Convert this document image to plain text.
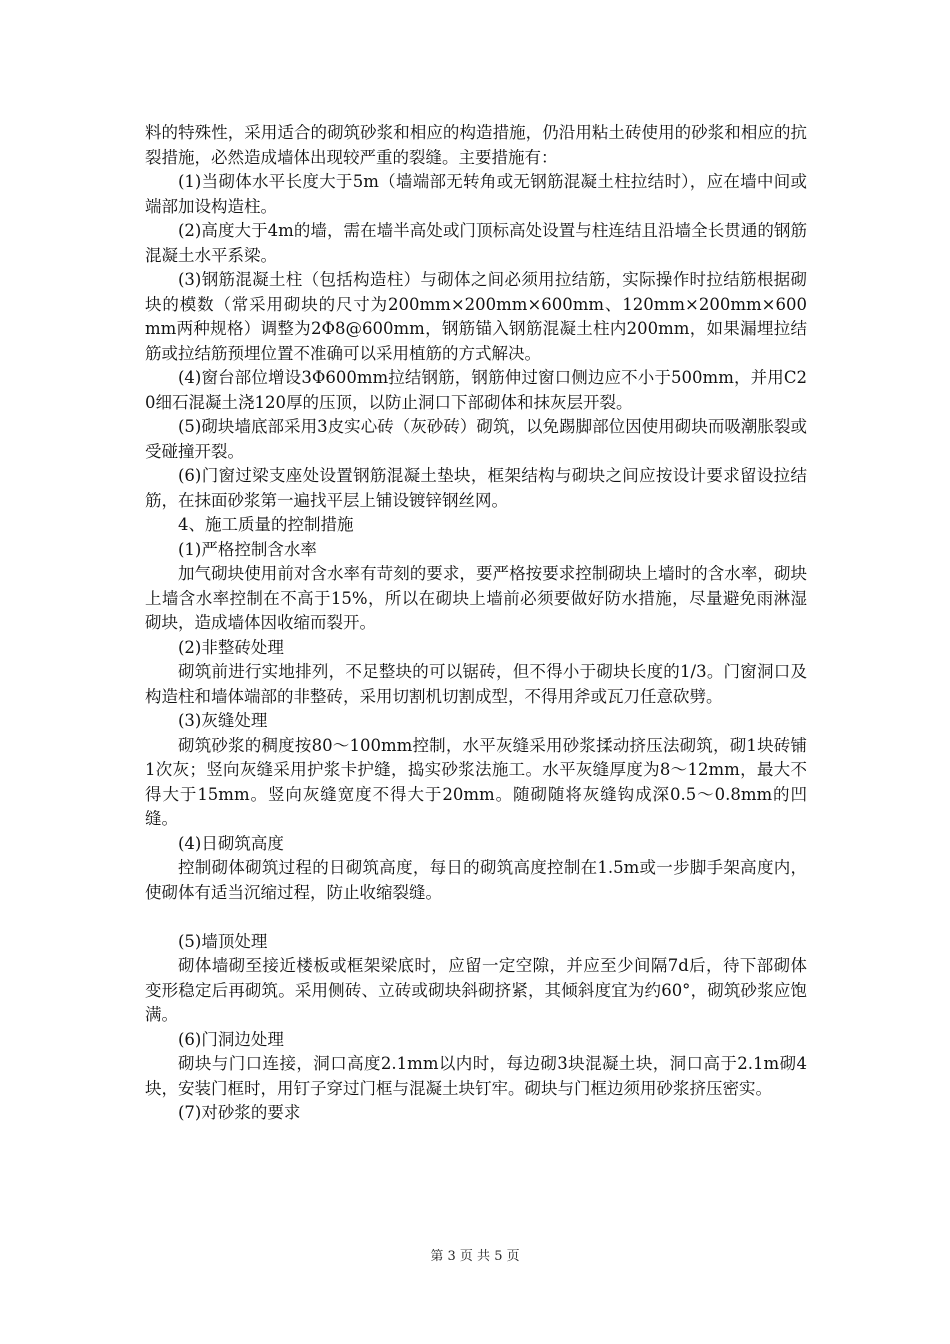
料的特殊性，采用适合的砌筑砂浆和相应的构造措施，仍沿用粘土砖使用的砂浆和相应的抗裂措施，必然造成墙体出现较严重的裂缝。主要措施有：

(1)当砌体水平长度大于5m（墙端部无转角或无钢筋混凝土柱拉结时），应在墙中间或端部加设构造柱。

(2)高度大于4m的墙，需在墙半高处或门顶标高处设置与柱连结且沿墙全长贯通的钢筋混凝土水平系梁。

(3)钢筋混凝土柱（包括构造柱）与砌体之间必须用拉结筋，实际操作时拉结筋根据砌块的模数（常采用砌块的尺寸为200mm×200mm×600mm、120mm×200mm×600mm两种规格）调整为2Φ8@600mm，钢筋锚入钢筋混凝土柱内200mm，如果漏埋拉结筋或拉结筋预埋位置不准确可以采用植筋的方式解决。

(4)窗台部位增设3Φ600mm拉结钢筋，钢筋伸过窗口侧边应不小于500mm，并用C20细石混凝土浇120厚的压顶，以防止洞口下部砌体和抹灰层开裂。

(5)砌块墙底部采用3皮实心砖（灰砂砖）砌筑，以免踢脚部位因使用砌块而吸潮胀裂或受碰撞开裂。

(6)门窗过梁支座处设置钢筋混凝土垫块，框架结构与砌块之间应按设计要求留设拉结筋，在抹面砂浆第一遍找平层上铺设镀锌钢丝网。

4、施工质量的控制措施

(1)严格控制含水率

加气砌块使用前对含水率有苛刻的要求，要严格按要求控制砌块上墙时的含水率，砌块上墙含水率控制在不高于15%，所以在砌块上墙前必须要做好防水措施，尽量避免雨淋湿砌块，造成墙体因收缩而裂开。

(2)非整砖处理

砌筑前进行实地排列，不足整块的可以锯砖，但不得小于砌块长度的1/3。门窗洞口及构造柱和墙体端部的非整砖，采用切割机切割成型，不得用斧或瓦刀任意砍劈。

(3)灰缝处理

砌筑砂浆的稠度按80～100mm控制，水平灰缝采用砂浆揉动挤压法砌筑，砌1块砖铺1次灰；竖向灰缝采用护浆卡护缝，捣实砂浆法施工。水平灰缝厚度为8～12mm，最大不得大于15mm。竖向灰缝宽度不得大于20mm。随砌随将灰缝钩成深0.5～0.8mm的凹缝。

(4)日砌筑高度

控制砌体砌筑过程的日砌筑高度，每日的砌筑高度控制在1.5m或一步脚手架高度内，使砌体有适当沉缩过程，防止收缩裂缝。

(5)墙顶处理

砌体墙砌至接近楼板或框架梁底时，应留一定空隙，并应至少间隔7d后，待下部砌体变形稳定后再砌筑。采用侧砖、立砖或砌块斜砌挤紧，其倾斜度宜为约60°，砌筑砂浆应饱满。

(6)门洞边处理

砌块与门口连接，洞口高度2.1mm以内时，每边砌3块混凝土块，洞口高于2.1m砌4块，安装门框时，用钉子穿过门框与混凝土块钉牢。砌块与门框边须用砂浆挤压密实。

(7)对砂浆的要求

第 3 页 共 5 页
